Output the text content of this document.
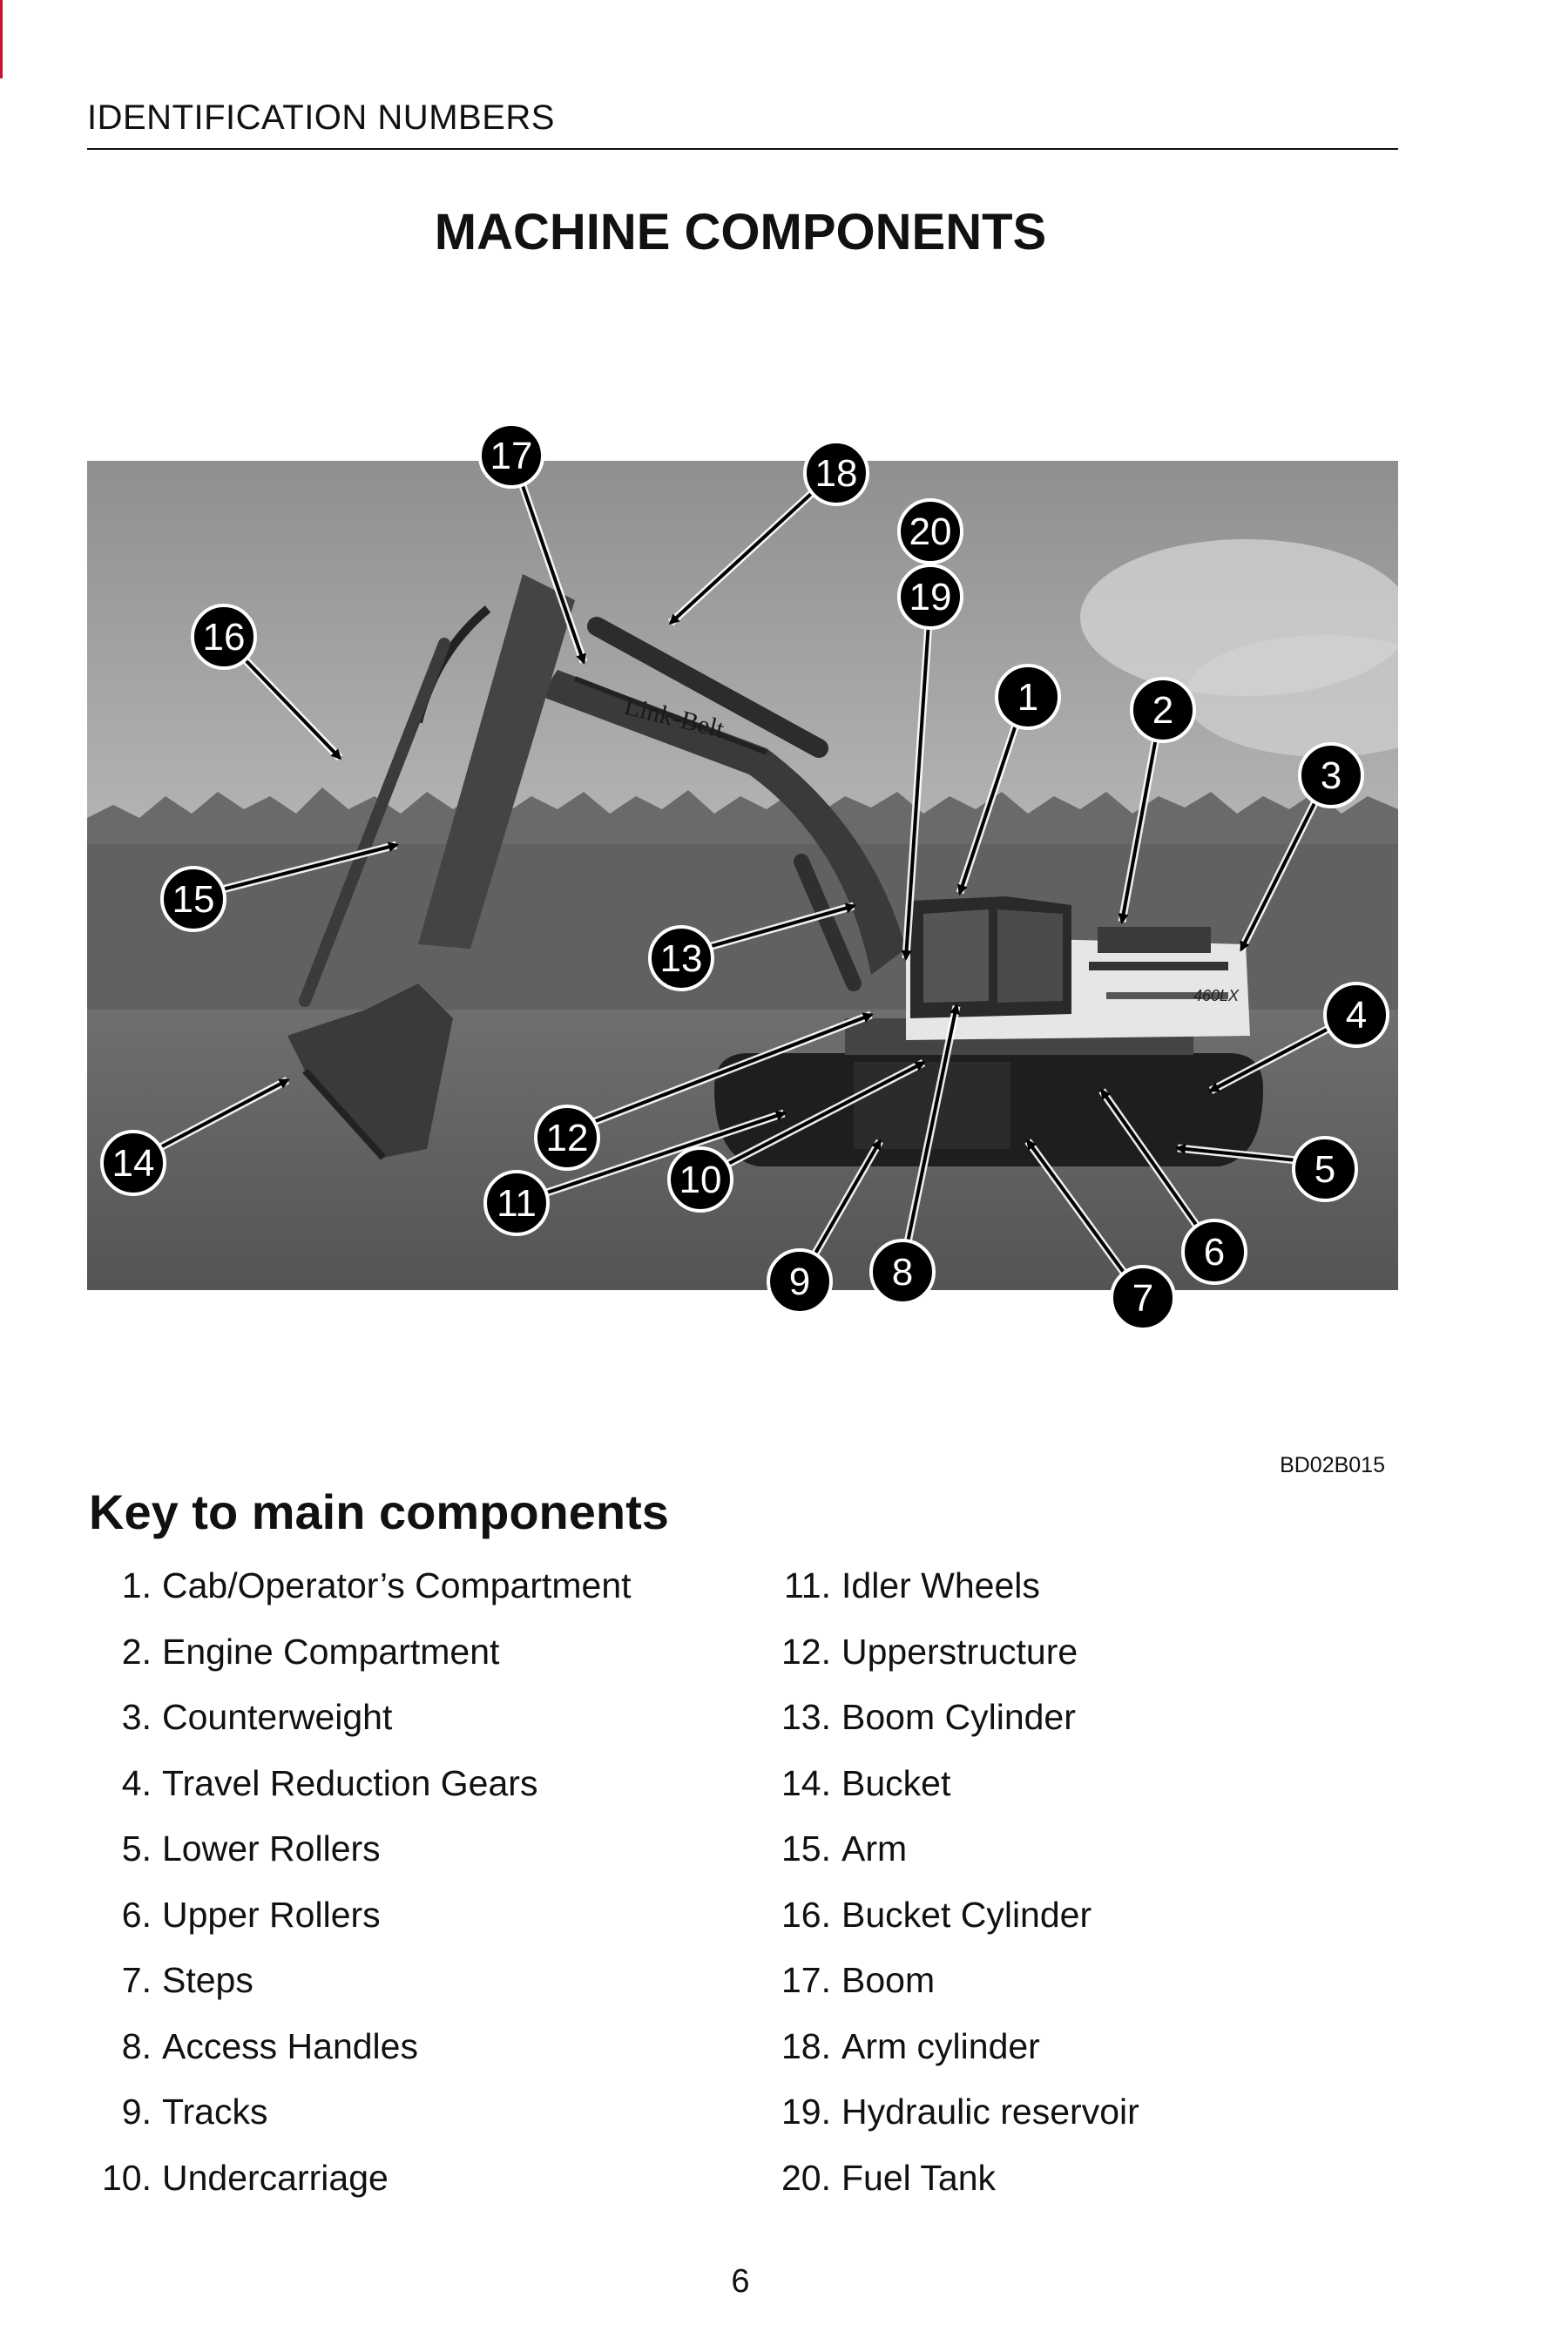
IDENTIFICATION NUMBERS
MACHINE COMPONENTS
Link-Belt
460LX
1	2
3
4
5
6
7
8
9
10
11
12
13
14
15
16
17	18
20
19
BD02B015
Key to main components
1. Cab/Operator’s Compartment
2. Engine Compartment
3. Counterweight
4. Travel Reduction Gears
5. Lower Rollers
6. Upper Rollers
7. Steps
8. Access Handles
9. Tracks
10. Undercarriage
11. Idler Wheels
12. Upperstructure
13. Boom Cylinder
14. Bucket
15. Arm
16. Bucket Cylinder
17. Boom
18. Arm cylinder
19. Hydraulic reservoir
20. Fuel Tank
6
